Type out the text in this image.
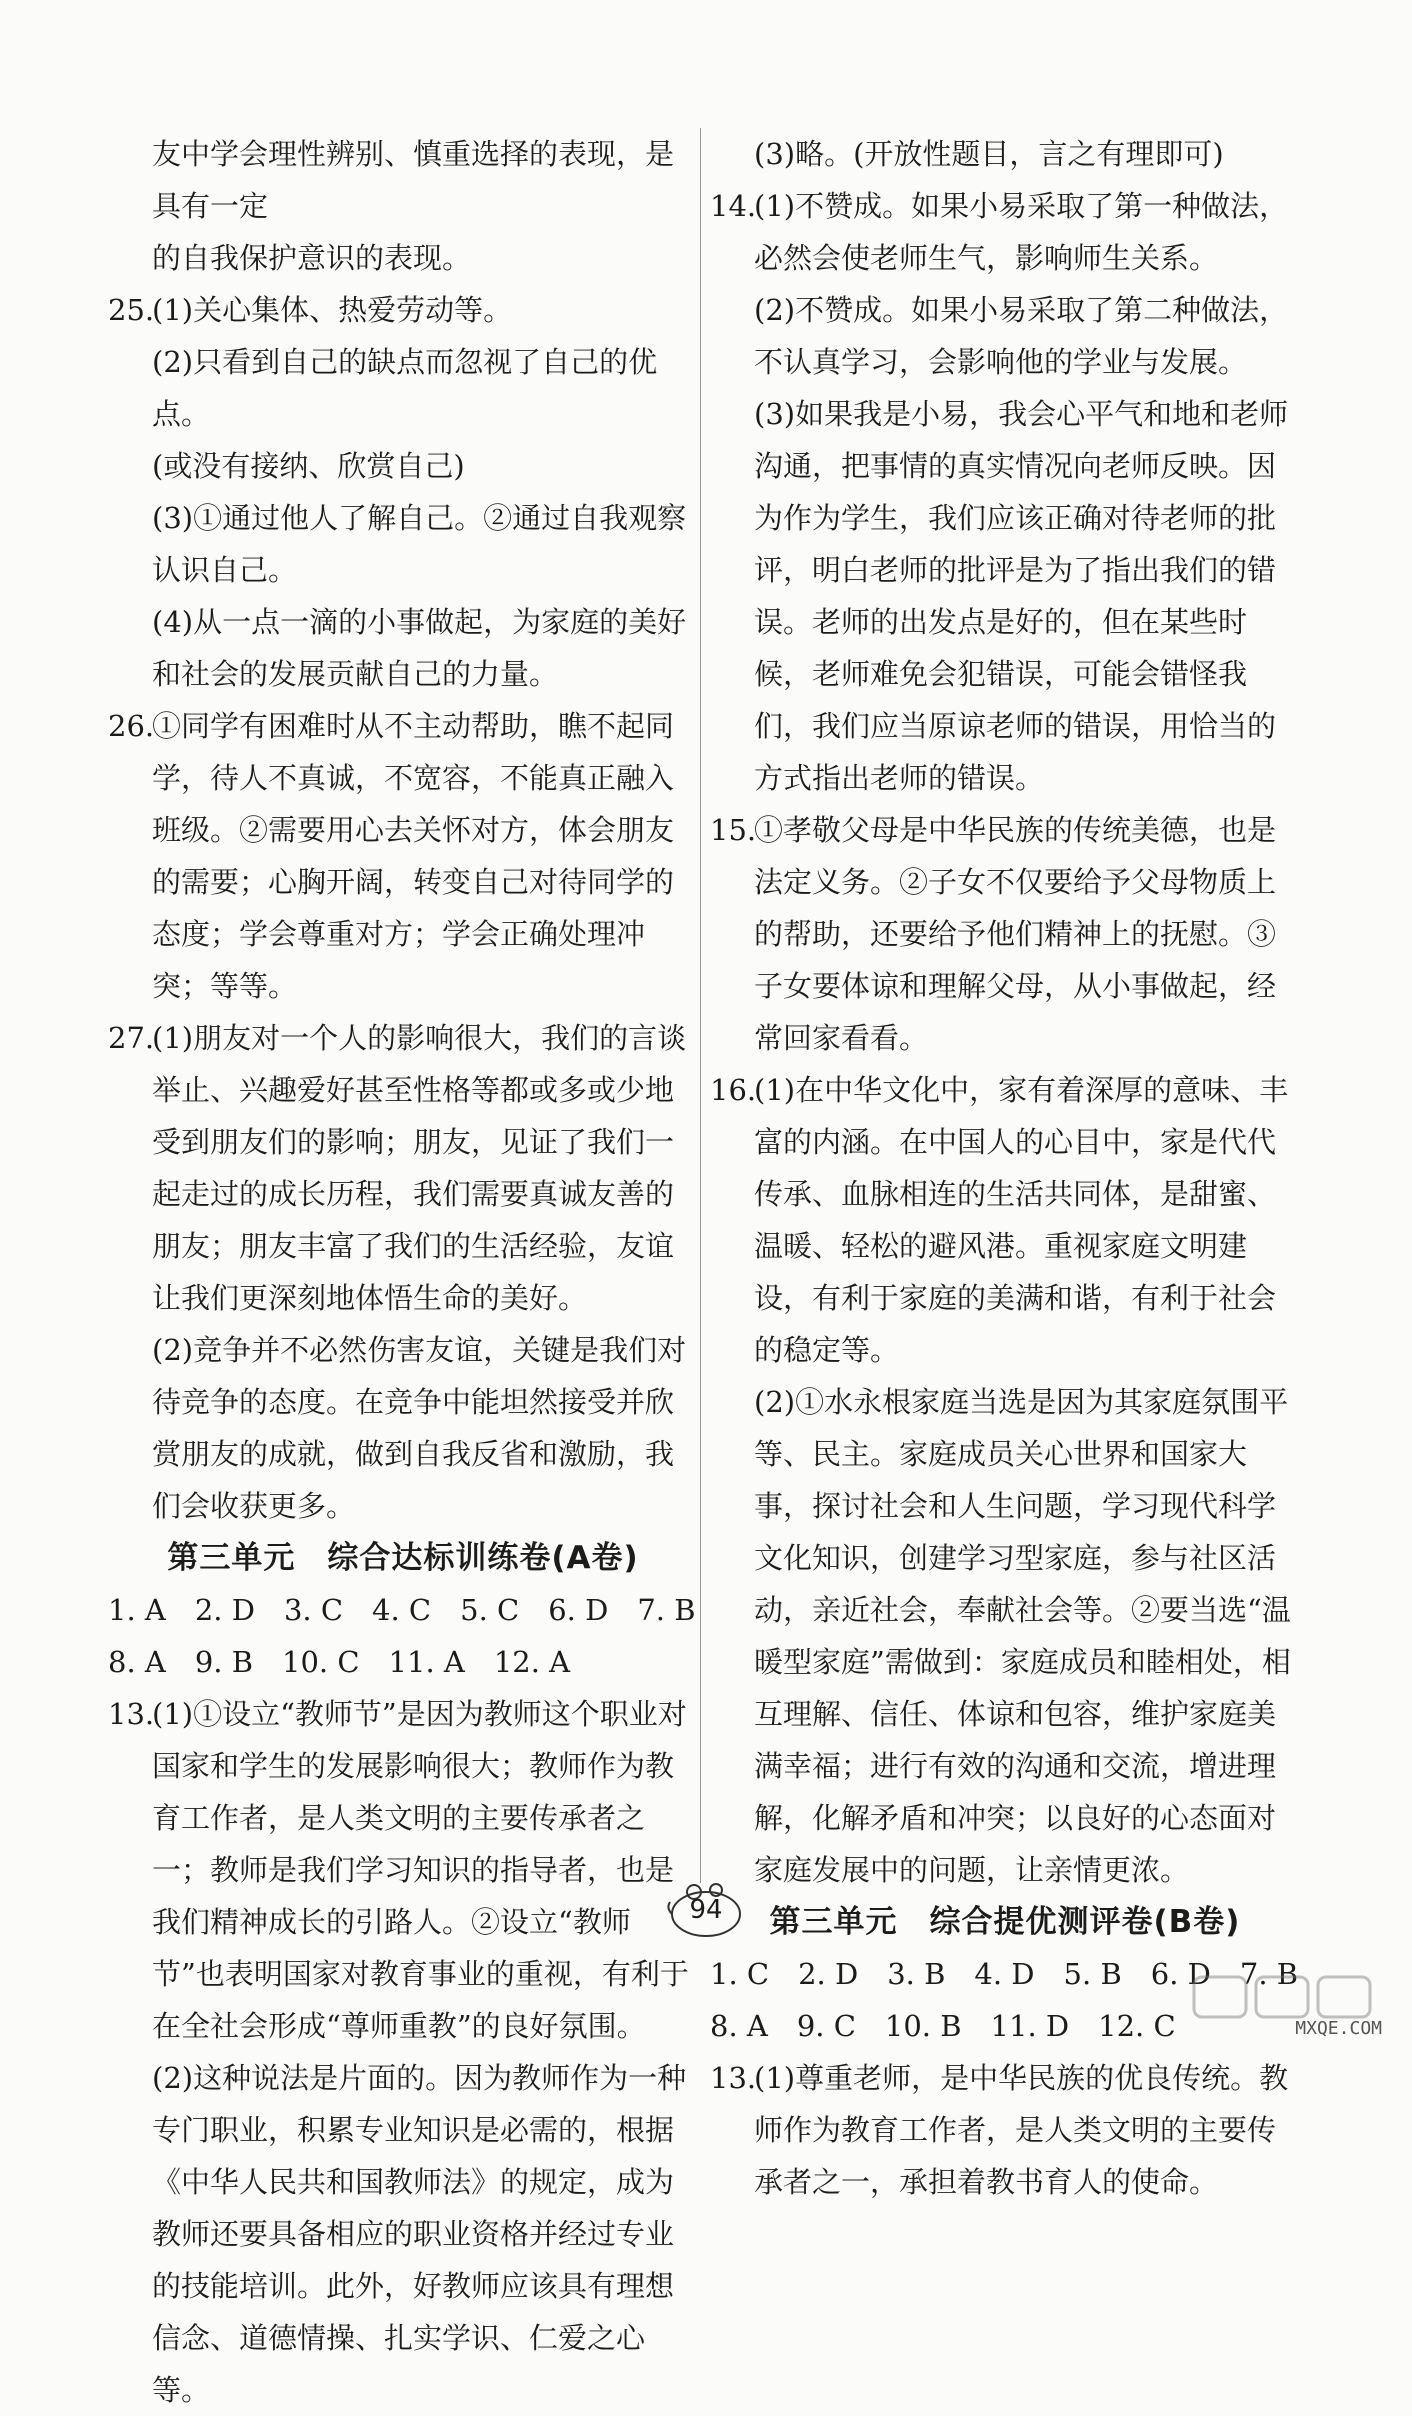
友中学会理性辨别、慎重选择的表现，是具有一定

的自我保护意识的表现。

25.

(1)关心集体、热爱劳动等。

(2)只看到自己的缺点而忽视了自己的优点。

(或没有接纳、欣赏自己)

(3)①通过他人了解自己。②通过自我观察认识自己。

(4)从一点一滴的小事做起，为家庭的美好和社会的发展贡献自己的力量。

26.

①同学有困难时从不主动帮助，瞧不起同学，待人不真诚，不宽容，不能真正融入班级。②需要用心去关怀对方，体会朋友的需要；心胸开阔，转变自己对待同学的态度；学会尊重对方；学会正确处理冲突；等等。

27.

(1)朋友对一个人的影响很大，我们的言谈举止、兴趣爱好甚至性格等都或多或少地受到朋友们的影响；朋友，见证了我们一起走过的成长历程，我们需要真诚友善的朋友；朋友丰富了我们的生活经验，友谊让我们更深刻地体悟生命的美好。

(2)竞争并不必然伤害友谊，关键是我们对待竞争的态度。在竞争中能坦然接受并欣赏朋友的成就，做到自我反省和激励，我们会收获更多。

第三单元　综合达标训练卷(A卷)
1. A　2. D　3. C　4. C　5. C　6. D　7. B
8. A　9. B　10. C　11. A　12. A
13.

(1)①设立“教师节”是因为教师这个职业对国家和学生的发展影响很大；教师作为教育工作者，是人类文明的主要传承者之一；教师是我们学习知识的指导者，也是我们精神成长的引路人。②设立“教师节”也表明国家对教育事业的重视，有利于在全社会形成“尊师重教”的良好氛围。

(2)这种说法是片面的。因为教师作为一种专门职业，积累专业知识是必需的，根据《中华人民共和国教师法》的规定，成为教师还要具备相应的职业资格并经过专业的技能培训。此外，好教师应该具有理想信念、道德情操、扎实学识、仁爱之心等。

(3)略。(开放性题目，言之有理即可)

14.

(1)不赞成。如果小易采取了第一种做法，必然会使老师生气，影响师生关系。

(2)不赞成。如果小易采取了第二种做法，不认真学习，会影响他的学业与发展。

(3)如果我是小易，我会心平气和地和老师沟通，把事情的真实情况向老师反映。因为作为学生，我们应该正确对待老师的批评，明白老师的批评是为了指出我们的错误。老师的出发点是好的，但在某些时候，老师难免会犯错误，可能会错怪我们，我们应当原谅老师的错误，用恰当的方式指出老师的错误。

15.

①孝敬父母是中华民族的传统美德，也是法定义务。②子女不仅要给予父母物质上的帮助，还要给予他们精神上的抚慰。③子女要体谅和理解父母，从小事做起，经常回家看看。

16.

(1)在中华文化中，家有着深厚的意味、丰富的内涵。在中国人的心目中，家是代代传承、血脉相连的生活共同体，是甜蜜、温暖、轻松的避风港。重视家庭文明建设，有利于家庭的美满和谐，有利于社会的稳定等。

(2)①水永根家庭当选是因为其家庭氛围平等、民主。家庭成员关心世界和国家大事，探讨社会和人生问题，学习现代科学文化知识，创建学习型家庭，参与社区活动，亲近社会，奉献社会等。②要当选“温暖型家庭”需做到：家庭成员和睦相处，相互理解、信任、体谅和包容，维护家庭美满幸福；进行有效的沟通和交流，增进理解，化解矛盾和冲突；以良好的心态面对家庭发展中的问题，让亲情更浓。

第三单元　综合提优测评卷(B卷)
1. C　2. D　3. B　4. D　5. B　6. D　7. B
8. A　9. C　10. B　11. D　12. C
13.

(1)尊重老师，是中华民族的优良传统。教师作为教育工作者，是人类文明的主要传承者之一，承担着教书育人的使命。

94
MXQE.COM
